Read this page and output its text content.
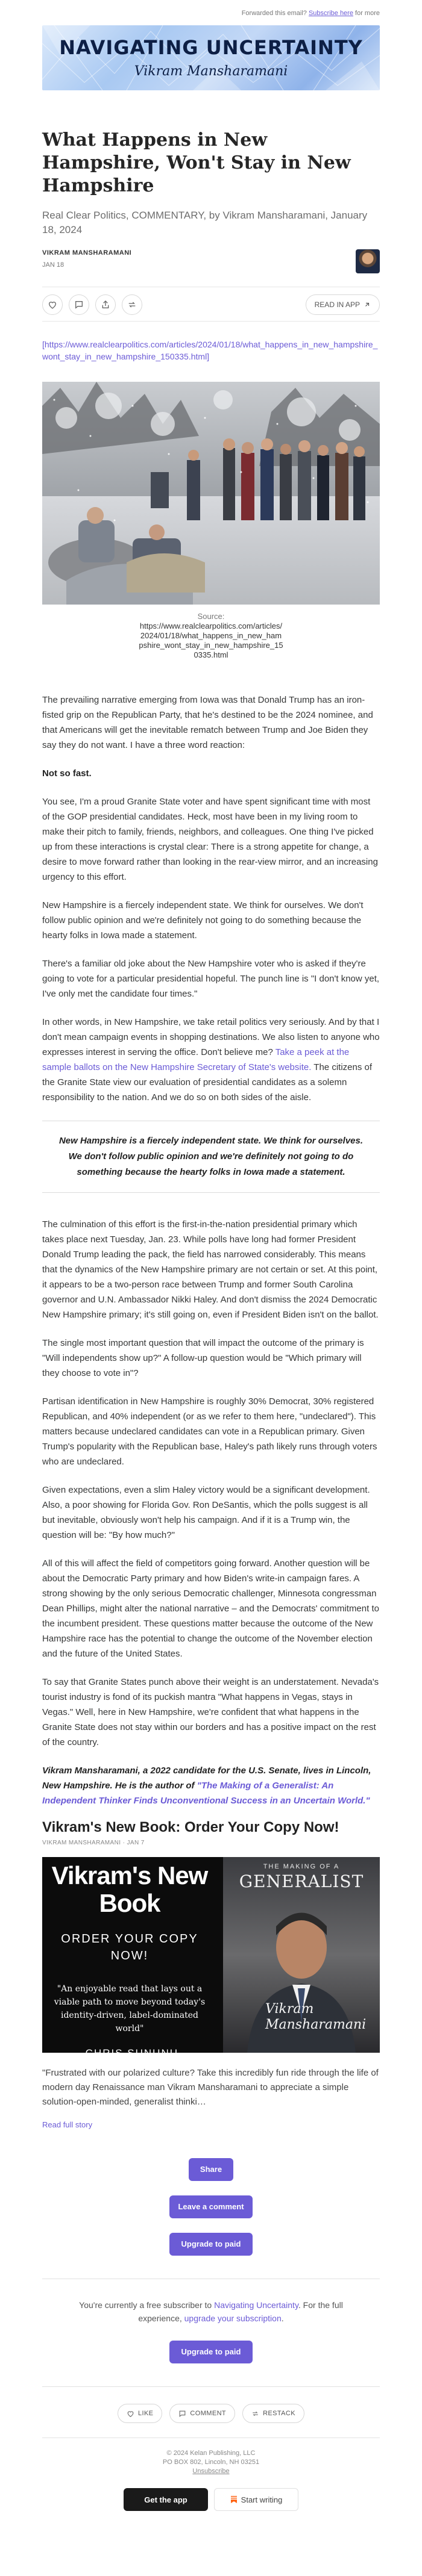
Forwarded this email? Subscribe here for more
NAVIGATING UNCERTAINTY
Vikram Mansharamani
What Happens in New Hampshire, Won't Stay in New Hampshire
Real Clear Politics, COMMENTARY, by Vikram Mansharamani, January 18, 2024
VIKRAM MANSHARAMANI
JAN 18
READ IN APP
[https://www.realclearpolitics.com/articles/2024/01/18/what_happens_in_new_hampshire_wont_stay_in_new_hampshire_150335.html]
Source:
https://www.realclearpolitics.com/articles/2024/01/18/what_happens_in_new_hampshire_wont_stay_in_new_hampshire_150335.html

The prevailing narrative emerging from Iowa was that Donald Trump has an iron-fisted grip on the Republican Party, that he's destined to be the 2024 nominee, and that Americans will get the inevitable rematch between Trump and Joe Biden they say they do not want. I have a three word reaction:

Not so fast.

You see, I'm a proud Granite State voter and have spent significant time with most of the GOP presidential candidates. Heck, most have been in my living room to make their pitch to family, friends, neighbors, and colleagues. One thing I've picked up from these interactions is crystal clear: There is a strong appetite for change, a desire to move forward rather than looking in the rear-view mirror, and an increasing urgency to this effort.

New Hampshire is a fiercely independent state. We think for ourselves. We don't follow public opinion and we're definitely not going to do something because the hearty folks in Iowa made a statement.

There's a familiar old joke about the New Hampshire voter who is asked if they're going to vote for a particular presidential hopeful. The punch line is "I don't know yet, I've only met the candidate four times."

In other words, in New Hampshire, we take retail politics very seriously. And by that I don't mean campaign events in shopping destinations. We also listen to anyone who expresses interest in serving the office. Don't believe me? Take a peek at the sample ballots on the New Hampshire Secretary of State's website. The citizens of the Granite State view our evaluation of presidential candidates as a solemn responsibility to the nation. And we do so on both sides of the aisle.

New Hampshire is a fiercely independent state. We think for ourselves. We don't follow public opinion and we're definitely not going to do something because the hearty folks in Iowa made a statement.

The culmination of this effort is the first-in-the-nation presidential primary which takes place next Tuesday, Jan. 23. While polls have long had former President Donald Trump leading the pack, the field has narrowed considerably. This means that the dynamics of the New Hampshire primary are not certain or set. At this point, it appears to be a two-person race between Trump and former South Carolina governor and U.N. Ambassador Nikki Haley. And don't dismiss the 2024 Democratic New Hampshire primary; it's still going on, even if President Biden isn't on the ballot.

The single most important question that will impact the outcome of the primary is "Will independents show up?" A follow-up question would be "Which primary will they choose to vote in"?

Partisan identification in New Hampshire is roughly 30% Democrat, 30% registered Republican, and 40% independent (or as we refer to them here, "undeclared"). This matters because undeclared candidates can vote in a Republican primary. Given Trump's popularity with the Republican base, Haley's path likely runs through voters who are undeclared.

Given expectations, even a slim Haley victory would be a significant development. Also, a poor showing for Florida Gov. Ron DeSantis, which the polls suggest is all but inevitable, obviously won't help his campaign. And if it is a Trump win, the question will be: "By how much?"

All of this will affect the field of competitors going forward. Another question will be about the Democratic Party primary and how Biden's write-in campaign fares. A strong showing by the only serious Democratic challenger, Minnesota congressman Dean Phillips, might alter the national narrative – and the Democrats' commitment to the incumbent president. These questions matter because the outcome of the New Hampshire race has the potential to change the outcome of the November election and the future of the United States.

To say that Granite States punch above their weight is an understatement. Nevada's tourist industry is fond of its puckish mantra "What happens in Vegas, stays in Vegas." Well, here in New Hampshire, we're confident that what happens in the Granite State does not stay within our borders and has a positive impact on the rest of the country.

Vikram Mansharamani, a 2022 candidate for the U.S. Senate, lives in Lincoln, New Hampshire. He is the author of "The Making of a Generalist: An Independent Thinker Finds Unconventional Success in an Uncertain World."

Vikram's New Book: Order Your Copy Now!
VIKRAM MANSHARAMANI · JAN 7
Vikram's New Book
ORDER YOUR COPY NOW!
"An enjoyable read that lays out a viable path to move beyond today's identity-driven, label-dominated world"
-CHRIS SUNUNU
THE MAKING OF A
GENERALIST
Vikram Mansharamani
"Frustrated with our polarized culture? Take this incredibly fun ride through the life of modern day Renaissance man Vikram Mansharamani to appreciate a simple solution-open-minded, generalist thinki…
Read full story
Share
Leave a comment
Upgrade to paid
You're currently a free subscriber to Navigating Uncertainty. For the full experience, upgrade your subscription.
Upgrade to paid
LIKE	COMMENT	RESTACK
© 2024 Kelan Publishing, LLC
PO BOX 802, Lincoln, NH 03251
Unsubscribe
Get the app	Start writing
